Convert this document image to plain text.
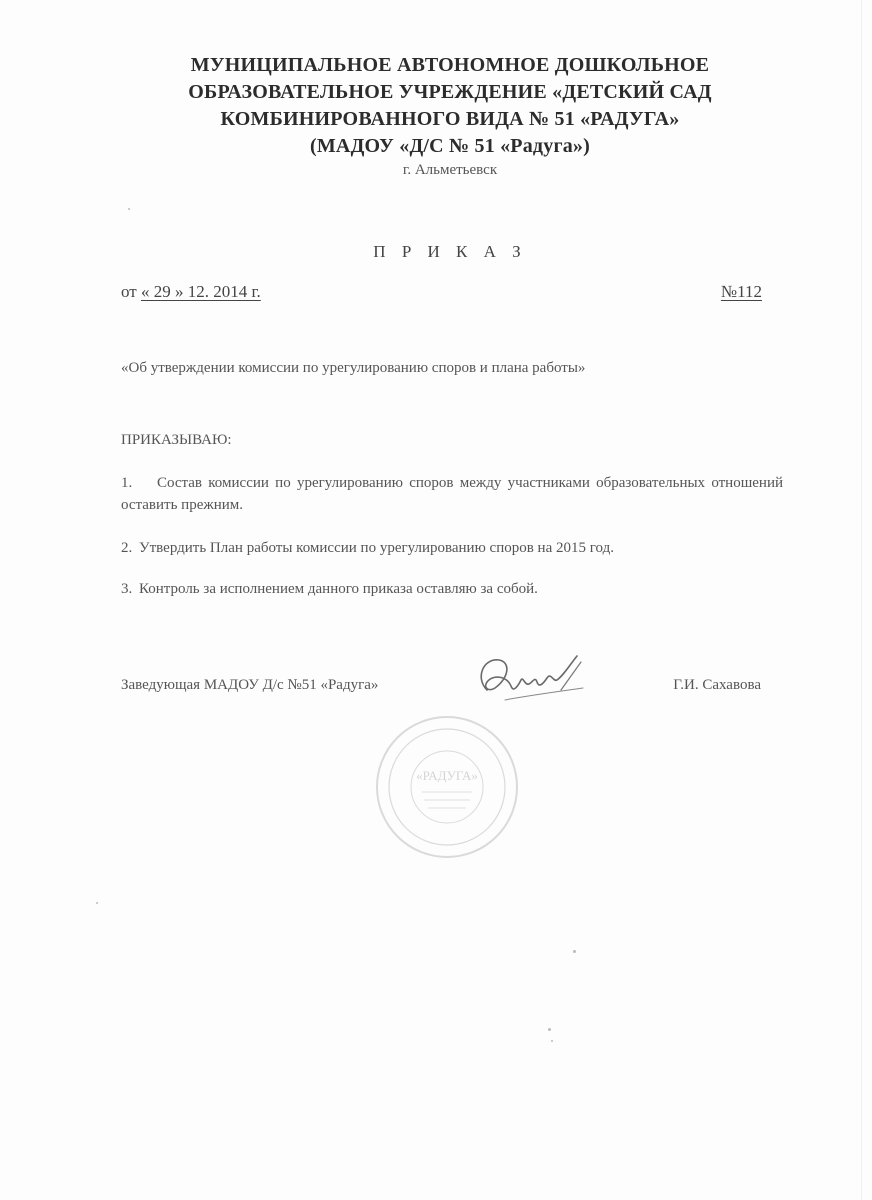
МУНИЦИПАЛЬНОЕ АВТОНОМНОЕ ДОШКОЛЬНОЕ
ОБРАЗОВАТЕЛЬНОЕ УЧРЕЖДЕНИЕ «ДЕТСКИЙ САД
КОМБИНИРОВАННОГО ВИДА № 51 «РАДУГА»
(МАДОУ «Д/С № 51 «Радуга»)
г. Альметьевск
П Р И К А З
от « 29 » 12. 2014 г.	№112
«Об утверждении комиссии по урегулированию споров и плана работы»
ПРИКАЗЫВАЮ:
1. Состав комиссии по урегулированию споров между участниками образовательных отношений оставить прежним.
2. Утвердить План работы комиссии по урегулированию споров на 2015 год.
3. Контроль за исполнением данного приказа оставляю за собой.
Заведующая МАДОУ Д/с №51 «Радуга»	Г.И. Сахавова
«РАДУГА»
